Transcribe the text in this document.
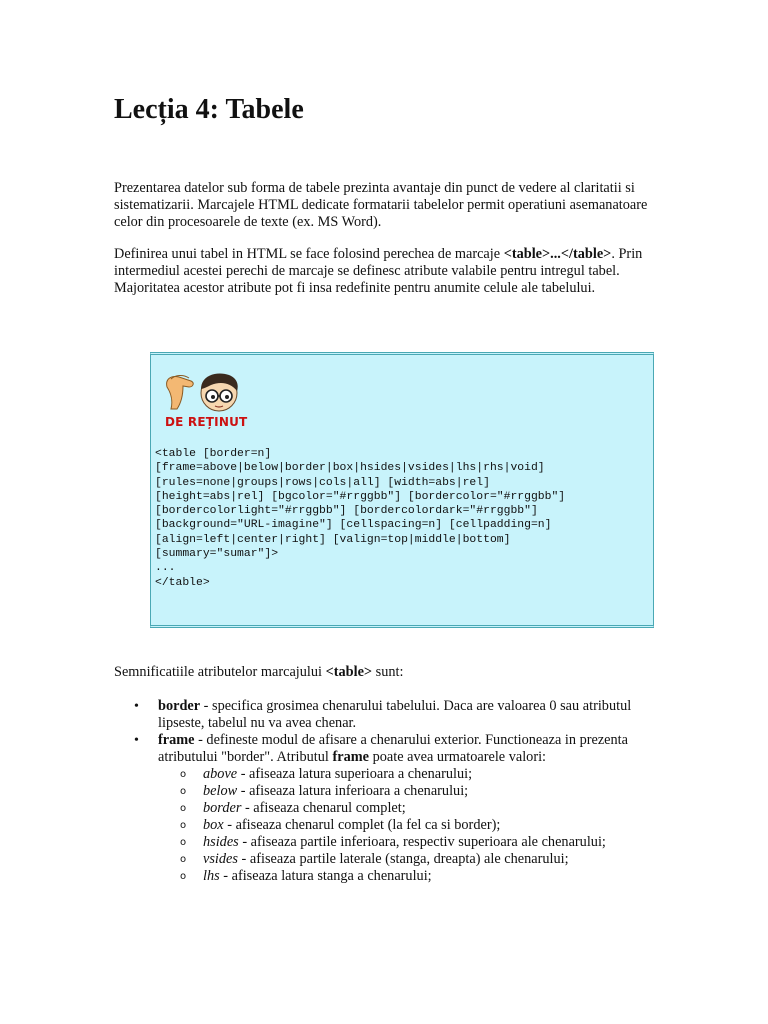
Lecția 4: Tabele

Prezentarea datelor sub forma de tabele prezinta avantaje din punct de vedere al claritatii si sistematizarii. Marcajele HTML dedicate formatarii tabelelor permit operatiuni asemanatoare celor din procesoarele de texte (ex. MS Word).

Definirea unui tabel in HTML se face folosind perechea de marcaje <table>...</table>. Prin intermediul acestei perechi de marcaje se definesc atribute valabile pentru intregul tabel. Majoritatea acestor atribute pot fi insa redefinite pentru anumite celule ale tabelului.

DE REȚINUT
<table [border=n]
[frame=above|below|border|box|hsides|vsides|lhs|rhs|void]
[rules=none|groups|rows|cols|all] [width=abs|rel]
[height=abs|rel] [bgcolor="#rrggbb"] [bordercolor="#rrggbb"]
[bordercolorlight="#rrggbb"] [bordercolordark="#rrggbb"]
[background="URL-imagine"] [cellspacing=n] [cellpadding=n]
[align=left|center|right] [valign=top|middle|bottom]
[summary="sumar"]>
...
</table>

Semnificatiile atributelor marcajului <table> sunt:

• border - specifica grosimea chenarului tabelului. Daca are valoarea 0 sau atributul lipseste, tabelul nu va avea chenar.
• frame - defineste modul de afisare a chenarului exterior. Functioneaza in prezenta atributului "border". Atributul frame poate avea urmatoarele valori:
o above - afiseaza latura superioara a chenarului;
o below - afiseaza latura inferioara a chenarului;
o border - afiseaza chenarul complet;
o box - afiseaza chenarul complet (la fel ca si border);
o hsides - afiseaza partile inferioara, respectiv superioara ale chenarului;
o vsides - afiseaza partile laterale (stanga, dreapta) ale chenarului;
o lhs - afiseaza latura stanga a chenarului;
